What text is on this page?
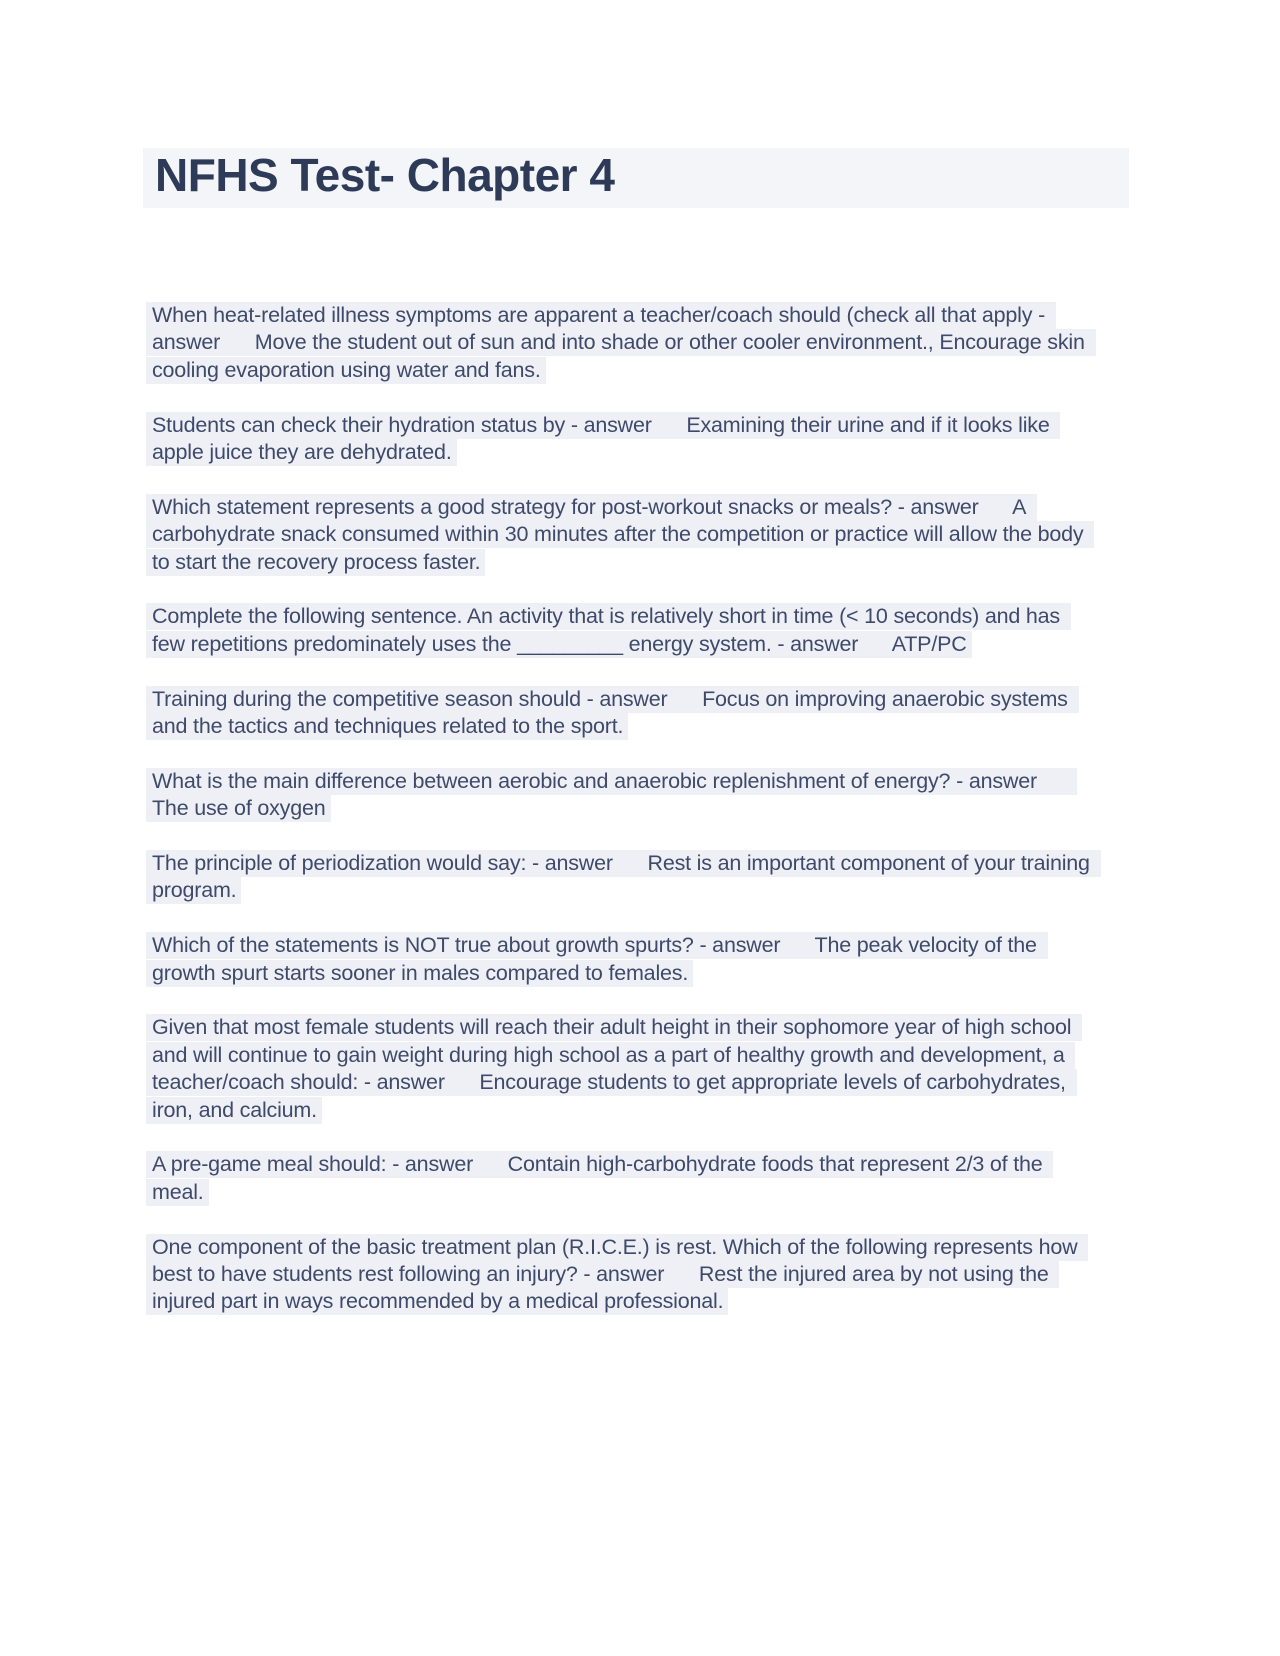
NFHS Test- Chapter 4

When heat-related illness symptoms are apparent a teacher/coach should (check all that apply - answer      Move the student out of sun and into shade or other cooler environment., Encourage skin cooling evaporation using water and fans.

Students can check their hydration status by - answer      Examining their urine and if it looks like apple juice they are dehydrated.

Which statement represents a good strategy for post-workout snacks or meals? - answer      A carbohydrate snack consumed within 30 minutes after the competition or practice will allow the body to start the recovery process faster.

Complete the following sentence. An activity that is relatively short in time (< 10 seconds) and has few repetitions predominately uses the _________ energy system. - answer      ATP/PC

Training during the competitive season should - answer      Focus on improving anaerobic systems and the tactics and techniques related to the sport.

What is the main difference between aerobic and anaerobic replenishment of energy? - answer      The use of oxygen

The principle of periodization would say: - answer      Rest is an important component of your training program.

Which of the statements is NOT true about growth spurts? - answer      The peak velocity of the growth spurt starts sooner in males compared to females.

Given that most female students will reach their adult height in their sophomore year of high school and will continue to gain weight during high school as a part of healthy growth and development, a teacher/coach should: - answer      Encourage students to get appropriate levels of carbohydrates, iron, and calcium.

A pre-game meal should: - answer      Contain high-carbohydrate foods that represent 2/3 of the meal.

One component of the basic treatment plan (R.I.C.E.) is rest. Which of the following represents how best to have students rest following an injury? - answer      Rest the injured area by not using the injured part in ways recommended by a medical professional.
